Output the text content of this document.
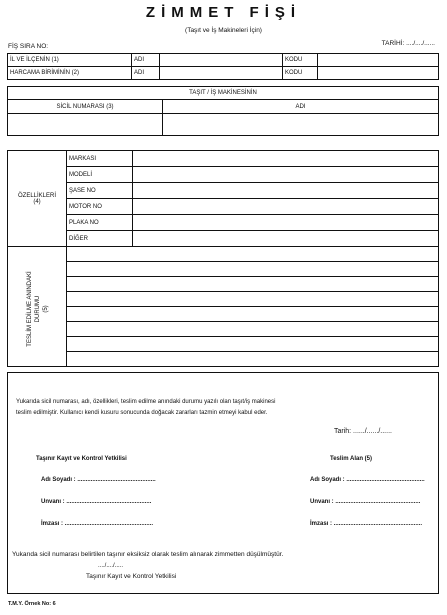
ZİMMET FİŞİ
(Taşıt ve İş Makineleri İçin)
TARİHİ: ..../..../......
FİŞ SIRA NO:
İL VE İLÇENİN (1)	ADI		KODU	
HARCAMA BİRİMİNİN (2)	ADI		KODU	
TAŞIT / İŞ MAKİNESİNİN	
SİCİL NUMARASI (3)	ADI

ÖZELLİKLERİ
(4)	MARKASI	
	MODELİ	
	ŞASE NO	
	MOTOR NO	
	PLAKA NO	
	DİĞER	
TESLİM EDİLME ANINDAKİ DURUMU (5)

Yukarıda sicil numarası, adı, özellikleri, teslim edilme anındaki durumu yazılı olan taşıt/iş makinesi
teslim edilmiştir. Kullanıcı kendi kusuru sonucunda doğacak zararları tazmin etmeyi kabul eder.
Tarih: ....../....../......
Taşınır Kayıt ve Kontrol Yetkilisi	Teslim Alan (5)
Adı Soyadı : ...............................................	Adı Soyadı : ...............................................
Unvanı : ...................................................	Unvanı : ...................................................
İmzası : .....................................................	İmzası : .....................................................
Yukarıda sicil numarası belirtilen taşınır eksiksiz olarak teslim alınarak zimmetten düşülmüştür.
..../..../.....
Taşınır Kayıt ve Kontrol Yetkilisi
T.M.Y. Örnek No: 6
